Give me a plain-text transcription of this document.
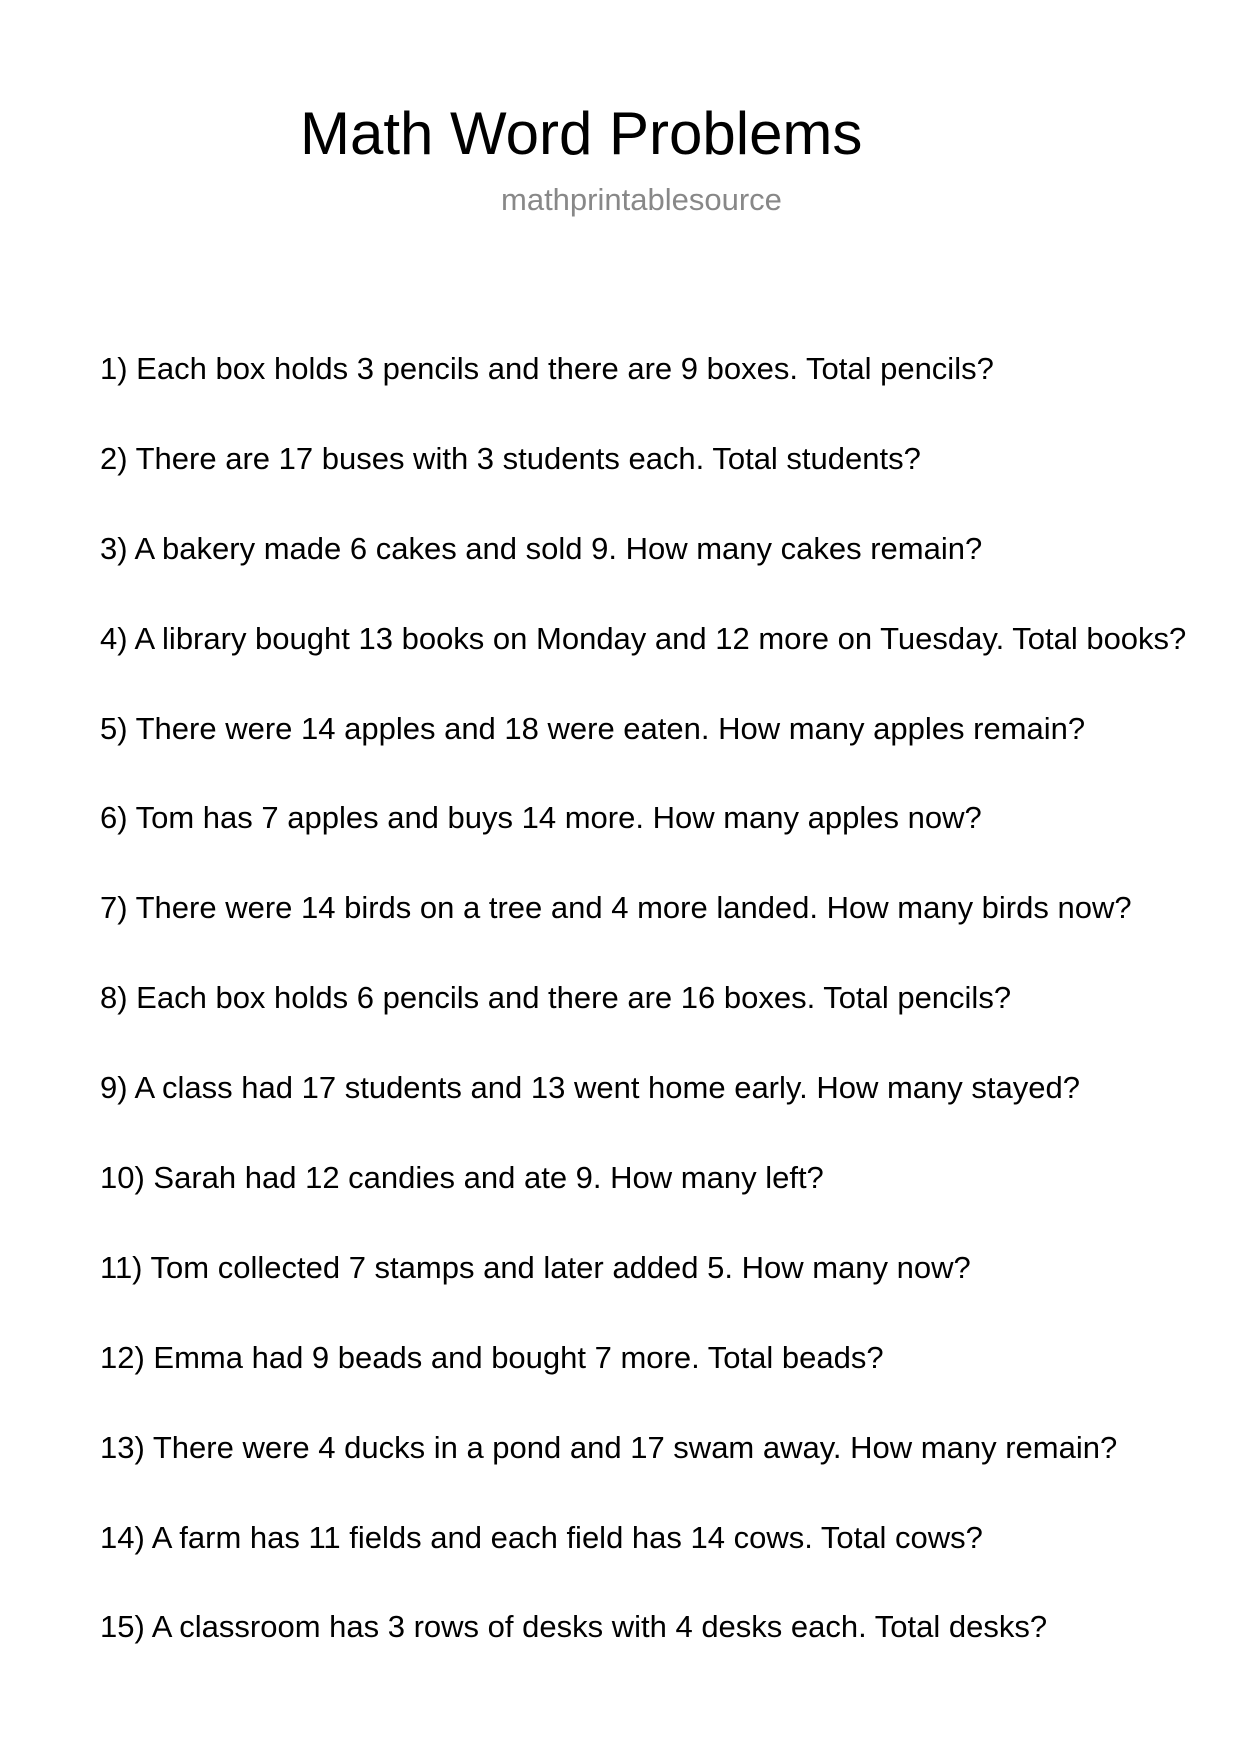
Math Word Problems
mathprintablesource
1) Each box holds 3 pencils and there are 9 boxes. Total pencils?
2) There are 17 buses with 3 students each. Total students?
3) A bakery made 6 cakes and sold 9. How many cakes remain?
4) A library bought 13 books on Monday and 12 more on Tuesday. Total books?
5) There were 14 apples and 18 were eaten. How many apples remain?
6) Tom has 7 apples and buys 14 more. How many apples now?
7) There were 14 birds on a tree and 4 more landed. How many birds now?
8) Each box holds 6 pencils and there are 16 boxes. Total pencils?
9) A class had 17 students and 13 went home early. How many stayed?
10) Sarah had 12 candies and ate 9. How many left?
11) Tom collected 7 stamps and later added 5. How many now?
12) Emma had 9 beads and bought 7 more. Total beads?
13) There were 4 ducks in a pond and 17 swam away. How many remain?
14) A farm has 11 fields and each field has 14 cows. Total cows?
15) A classroom has 3 rows of desks with 4 desks each. Total desks?
